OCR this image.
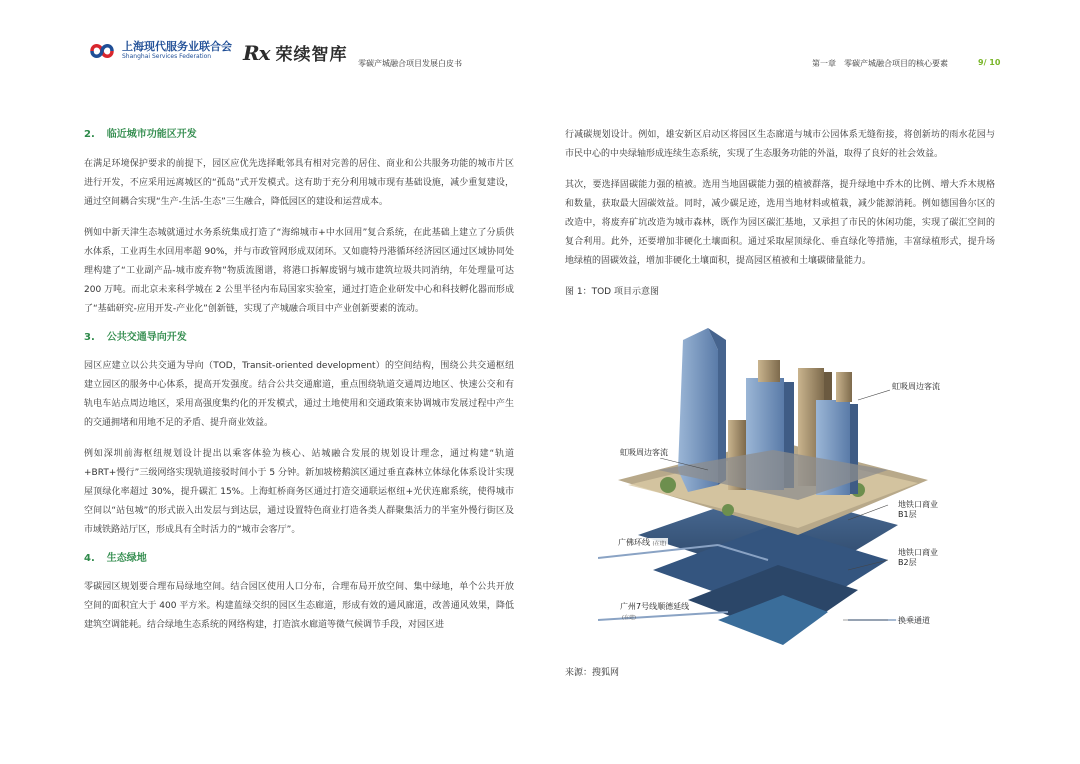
上海现代服务业联合会
Shanghai Services Federation	Rx 荣续智库 零碳产城融合项目发展白皮书	第一章　零碳产城融合项目的核心要素	9/ 10
2. 临近城市功能区开发

在满足环境保护要求的前提下，园区应优先选择毗邻具有相对完善的居住、商业和公共服务功能的城市片区进行开发，不应采用远离城区的“孤岛”式开发模式。这有助于充分利用城市现有基础设施，减少重复建设，通过空间耦合实现“生产-生活-生态”三生融合，降低园区的建设和运营成本。

例如中新天津生态城就通过水务系统集成打造了“海绵城市+中水回用”复合系统，在此基础上建立了分质供水体系，工业再生水回用率超 90%，并与市政管网形成双闭环。又如鹿特丹港循环经济园区通过区域协同处理构建了“工业副产品-城市废弃物”物质流图谱，将港口拆解废钢与城市建筑垃圾共同消纳，年处理量可达 200 万吨。而北京未来科学城在 2 公里半径内布局国家实验室，通过打造企业研发中心和科技孵化器而形成了“基础研究-应用开发-产业化”创新链，实现了产城融合项目中产业创新要素的流动。

3. 公共交通导向开发

园区应建立以公共交通为导向（TOD，Transit-oriented development）的空间结构，围绕公共交通枢纽建立园区的服务中心体系，提高开发强度。结合公共交通廊道，重点围绕轨道交通周边地区、快速公交和有轨电车站点周边地区，采用高强度集约化的开发模式，通过土地使用和交通政策来协调城市发展过程中产生的交通拥堵和用地不足的矛盾、提升商业效益。

例如深圳前海枢纽规划设计提出以乘客体验为核心、站城融合发展的规划设计理念，通过构建“轨道+BRT+慢行”三级网络实现轨道接驳时间小于 5 分钟。新加坡榜鹅滨区通过垂直森林立体绿化体系设计实现屋顶绿化率超过 30%，提升碳汇 15%。上海虹桥商务区通过打造交通联运枢纽+光伏连廊系统，使得城市空间以“站包城”的形式嵌入出发层与到达层，通过设置特色商业打造各类人群聚集活力的半室外慢行街区及市域铁路站厅区，形成具有全时活力的“城市会客厅”。

4. 生态绿地

零碳园区规划要合理布局绿地空间。结合园区使用人口分布，合理布局开放空间、集中绿地，单个公共开放空间的面积宜大于 400 平方米。构建蓝绿交织的园区生态廊道，形成有效的通风廊道，改善通风效果，降低建筑空调能耗。结合绿地生态系统的网络构建，打造滨水廊道等微气候调节手段，对园区进

行减碳规划设计。例如，雄安新区启动区将园区生态廊道与城市公园体系无缝衔接，将创新坊的雨水花园与市民中心的中央绿轴形成连续生态系统，实现了生态服务功能的外溢，取得了良好的社会效益。

其次，要选择固碳能力强的植被。选用当地固碳能力强的植被群落，提升绿地中乔木的比例、增大乔木规格和数量，获取最大固碳效益。同时，减少碳足迹，选用当地材料或植栽，减少能源消耗。例如德国鲁尔区的改造中，将废弃矿坑改造为城市森林，既作为园区碳汇基地，又承担了市民的休闲功能，实现了碳汇空间的复合利用。此外，还要增加非硬化土壤面积。通过采取屋顶绿化、垂直绿化等措施，丰富绿植形式，提升场地绿植的固碳效益，增加非硬化土壤面积，提高园区植被和土壤碳储量能力。

图 1：TOD 项目示意图

虹吸周边客流
虹吸周边客流
地铁口商业
B1层
广佛环线 (在建)
地铁口商业
B2层
广州7号线顺德延线
(在建)	换乘通道
来源：搜狐网
